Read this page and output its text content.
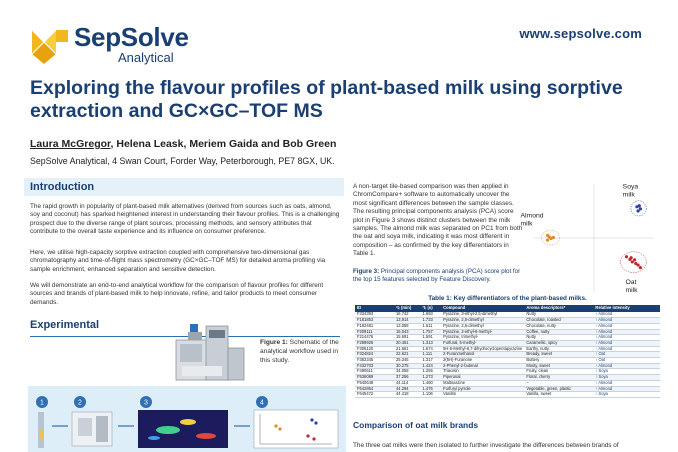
SepSolve
Analytical
www.sepsolve.com
Exploring the flavour profiles of plant-based milk using sorptive extraction and GC×GC–TOF MS
Laura McGregor, Helena Leask, Meriem Gaida and Bob Green
SepSolve Analytical, 4 Swan Court, Forder Way, Peterborough, PE7 8GX, UK.
Introduction
The rapid growth in popularity of plant-based milk alternatives (derived from sources such as oats, almond, soy and coconut) has sparked heightened interest in understanding their flavour profiles. This is a challenging prospect due to the diverse range of plant sources, processing methods, and sensory attributes that contribute to the overall taste experience and its influence on consumer preference.
Here, we utilise high-capacity sorptive extraction coupled with comprehensive two-dimensional gas chromatography and time-of-flight mass spectrometry (GC×GC–TOF MS) for detailed aroma profiling via sample enrichment, enhanced separation and sensitive detection.
We will demonstrate an end-to-end analytical workflow for the comparison of flavour profiles for different sources and brands of plant-based milk to help innovate, refine, and tailor products to meet consumer demands.
Experimental
Figure 1: Schematic of the analytical workflow used in this study.
1	2	3	4
A non-target tile-based comparison was then applied in ChromCompare+ software to automatically uncover the most significant differences between the sample classes. The resulting principal components analysis (PCA) score plot in Figure 3 shows distinct clusters between the milk samples. The almond milk was separated on PC1 from both the oat and soya milk, indicating it was most different in composition – as confirmed by the key differentiators in Table 1.
Soya milk
Almond milk
Oat milk
Figure 3: Principal components analysis (PCA) score plot for the top 15 features selected by Feature Discovery.
Table 1: Key differentiators of the plant-based milks.
ID	¹tᵣ (min)	²tᵣ (s)	Compound	Aroma descriptors*	Relative intensity
F334393	16.742	1.693	Pyrazine, 3-ethyl-2,5-dimethyl	Nutty	↑ Almond
F181853	13.914	1.733	Pyrazine, 2,5-dimethyl	Chocolate, roasted	↑ Almond
F182481	13.058	1.611	Pyrazine, 2,6-dimethyl	Chocolate, nutty	↑ Almond
F209111	15.043	1.757	Pyrazine, 2-ethyl-6-methyl-	Coffee, nutty	↑ Almond
F214476	15.691	1.591	Pyrazine, trimethyl-	Nutty	↑ Almond
F289926	20.451	1.313	Furfural, 5-methyl-	Caramellic, spicy	↑ Almond
F306120	21.661	1.674	5H-5-Methyl-6,7-dihydrocyclopentapyrazine	Earthy, nutty	↑ Almond
F324824	22.621	1.111	2-Furanmethanol	Bready, sweet	↑ Oat
F382345	25.345	1.317	2(5H)-Furanone	Buttery	↑ Oat
F432703	30.275	1.424	2-Phenyl-2-butenal	Musty, sweet	↑ Almond
F490611	34.058	1.255	Triacetin	Fruity, clean	↑ Soya
F536089	37.256	1.273	Piperonal	Floral, cherry	↑ Soya
F540648	44.114	1.460	Maltoxazine	–	↑ Almond
F642864	44.294	1.476	Furfuryl pyrrole	Vegetable, green, plastic	↑ Almond
F645472	44.418	1.106	Vanillin	Vanilla, sweet	↑ Soya
Comparison of oat milk brands
The three oat milks were then isolated to further investigate the differences between brands of
